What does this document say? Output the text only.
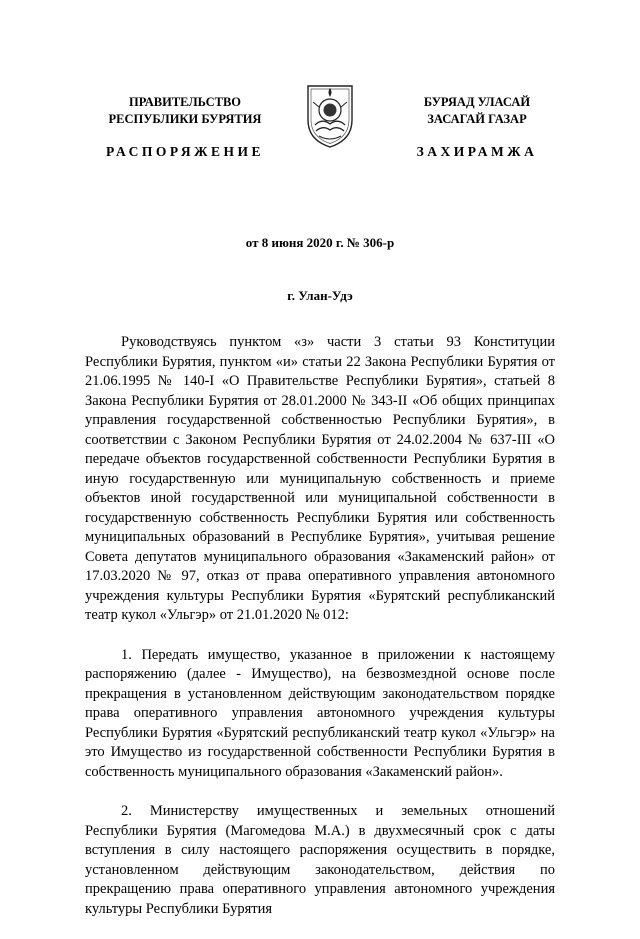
ПРАВИТЕЛЬСТВО
РЕСПУБЛИКИ БУРЯТИЯ
БУРЯАД УЛАСАЙ
ЗАСАГАЙ ГАЗАР
РАСПОРЯЖЕНИЕ	ЗАХИРАМЖА
от 8 июня 2020 г. № 306-р
г. Улан-Удэ

Руководствуясь пунктом «з» части 3 статьи 93 Конституции Республики Бурятия, пунктом «и» статьи 22 Закона Республики Бурятия от 21.06.1995 № 140-I «О Правительстве Республики Бурятия», статьей 8 Закона Республики Бурятия от 28.01.2000 № 343-II «Об общих принципах управления государственной собственностью Республики Бурятия», в соответствии с Законом Республики Бурятия от 24.02.2004 № 637-III «О передаче объектов государственной собственности Республики Бурятия в иную государственную или муниципальную собственность и приеме объектов иной государственной или муниципальной собственности в государственную собственность Республики Бурятия или собственность муниципальных образований в Республике Бурятия», учитывая решение Совета депутатов муниципального образования «Закаменский район» от 17.03.2020 № 97, отказ от права оперативного управления автономного учреждения культуры Республики Бурятия «Бурятский республиканский театр кукол «Ульгэр» от 21.01.2020 № 012:

1. Передать имущество, указанное в приложении к настоящему распоряжению (далее - Имущество), на безвозмездной основе после прекращения в установленном действующим законодательством порядке права оперативного управления автономного учреждения культуры Республики Бурятия «Бурятский республиканский театр кукол «Ульгэр» на это Имущество из государственной собственности Республики Бурятия в собственность муниципального образования «Закаменский район».

2. Министерству имущественных и земельных отношений Республики Бурятия (Магомедова М.А.) в двухмесячный срок с даты вступления в силу настоящего распоряжения осуществить в порядке, установленном действующим законодательством, действия по прекращению права оперативного управления автономного учреждения культуры Республики Бурятия
